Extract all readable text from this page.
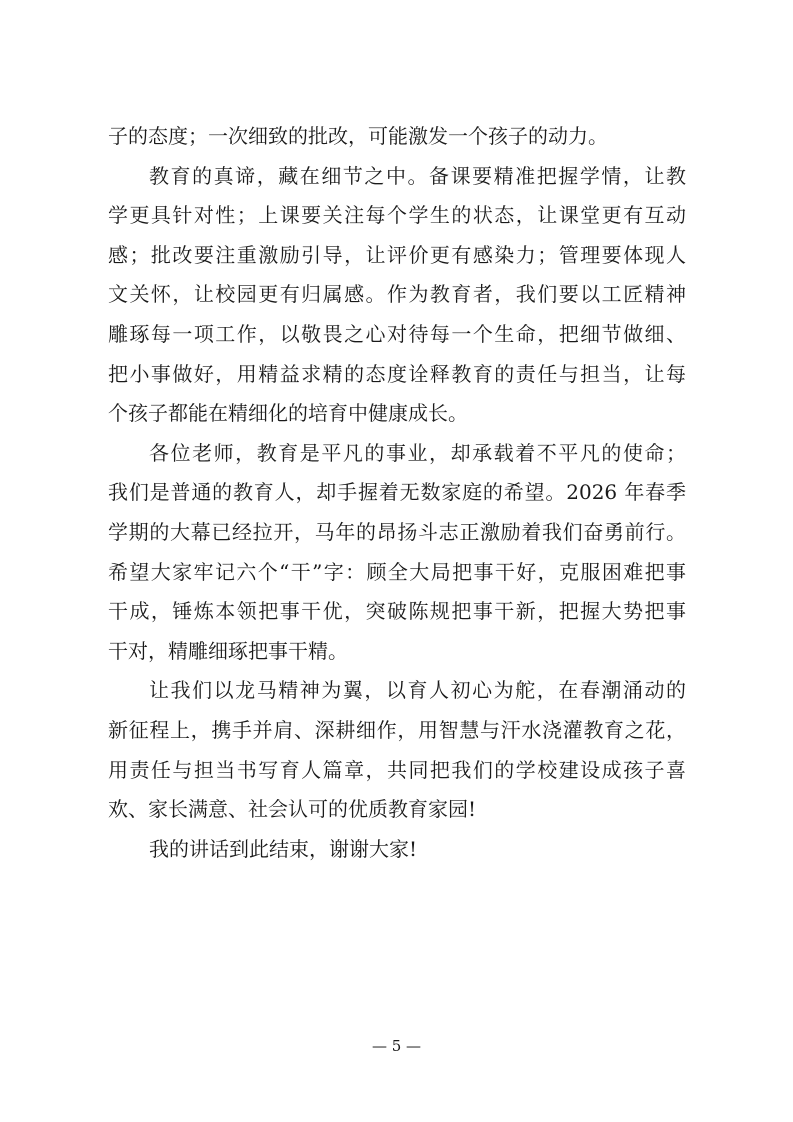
子的态度；一次细致的批改，可能激发一个孩子的动力。
教育的真谛，藏在细节之中。备课要精准把握学情，让教
学更具针对性；上课要关注每个学生的状态，让课堂更有互动
感；批改要注重激励引导，让评价更有感染力；管理要体现人
文关怀，让校园更有归属感。作为教育者，我们要以工匠精神
雕琢每一项工作，以敬畏之心对待每一个生命，把细节做细、
把小事做好，用精益求精的态度诠释教育的责任与担当，让每
个孩子都能在精细化的培育中健康成长。
各位老师，教育是平凡的事业，却承载着不平凡的使命；
我们是普通的教育人，却手握着无数家庭的希望。2026 年春季
学期的大幕已经拉开，马年的昂扬斗志正激励着我们奋勇前行。
希望大家牢记六个“干”字：顾全大局把事干好，克服困难把事
干成，锤炼本领把事干优，突破陈规把事干新，把握大势把事
干对，精雕细琢把事干精。
让我们以龙马精神为翼，以育人初心为舵，在春潮涌动的
新征程上，携手并肩、深耕细作，用智慧与汗水浇灌教育之花，
用责任与担当书写育人篇章，共同把我们的学校建设成孩子喜
欢、家长满意、社会认可的优质教育家园!
我的讲话到此结束，谢谢大家!
— 5 —
